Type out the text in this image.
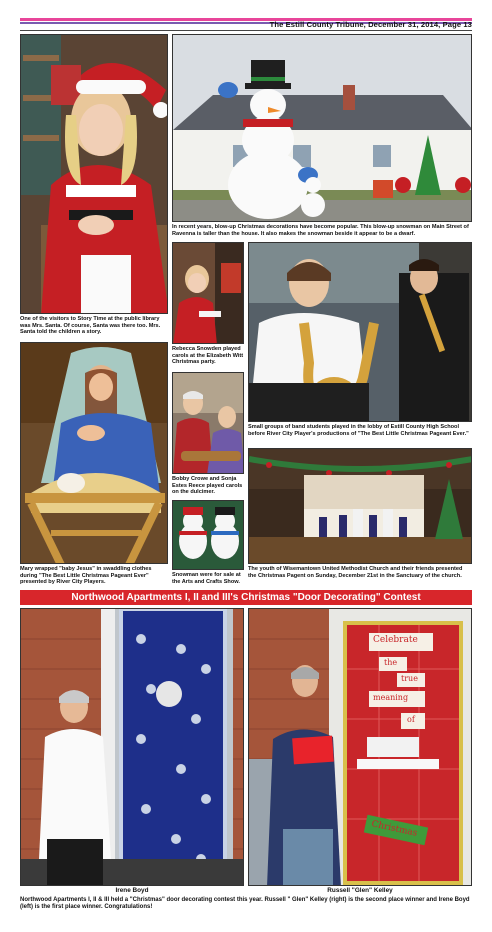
The Estill County Tribune, December 31, 2014, Page 13
One of the visitors to Story Time at the public library was Mrs. Santa. Of course, Santa was there too. Mrs. Santa told the children a story.
In recent years, blow-up Christmas decorations have become popular. This blow-up snowman on Main Street of Ravenna is taller than the house. It also makes the snowman beside it appear to be a dwarf.
Rebecca Snowden played carols at the Elizabeth Witt Christmas party.
Small groups of band students played in the lobby of Estill County High School before River City Player's productions of "The Best Little Christmas Pageant Ever."
Bobby Crowe and Sonja Estes Reece played carols on the dulcimer.
Mary wrapped "baby Jesus" in swaddling clothes during "The Best Little Christmas Pageant Ever" presented by River City Players.
Snowman were for sale at the Arts and Crafts Show.
The youth of Wisemantown United Methodist Church and their friends presented the Christmas Pagent on Sunday, December 21st in the Sanctuary of the church.
Northwood Apartments I, II and III's Christmas "Door Decorating" Contest
Irene Boyd
Celebrate
the
true
meaning
of
Christmas
Russell "Glen" Kelley
Northwood Apartments I, II & III held a "Christmas" door decorating contest this year. Russell " Glen" Kelley (right) is the second place winner and Irene Boyd (left) is the first place winner. Congratulations!
